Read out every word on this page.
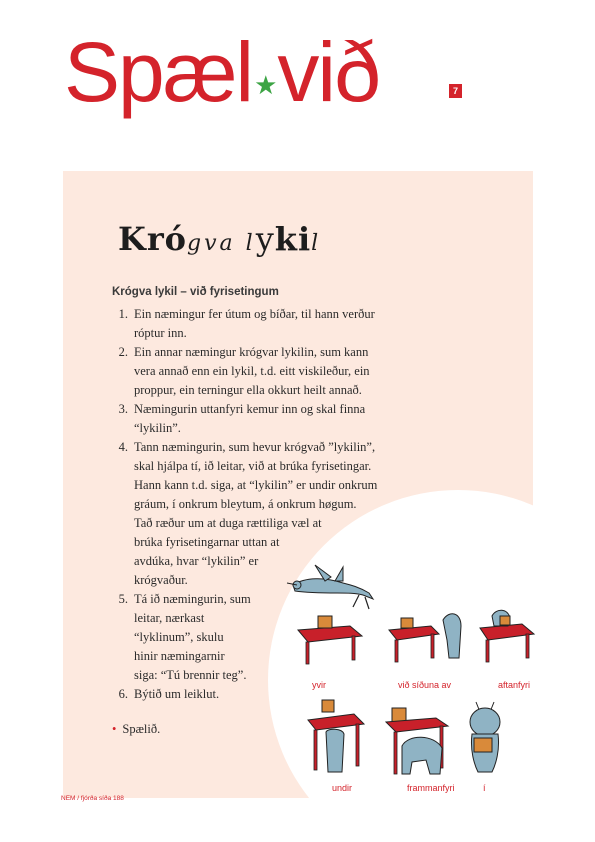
Spæl★við	7
Krógva lykil
Krógva lykil – við fyrisetingum
1. Ein næmingur fer útum og bíðar, til hann verður
róptur inn.
2. Ein annar næmingur krógvar lykilin, sum kann
vera annað enn ein lykil, t.d. eitt viskileður, ein
proppur, ein terningur ella okkurt heilt annað.
3. Næmingurin uttanfyri kemur inn og skal finna
“lykilin”.
4. Tann næmingurin, sum hevur krógvað ”lykilin”,
skal hjálpa tí, ið leitar, við at brúka fyrisetingar.
Hann kann t.d. siga, at “lykilin” er undir onkrum
gráum, í onkrum bleytum, á onkrum høgum.
Tað ræður um at duga rættiliga væl at
brúka fyrisetingarnar uttan at
avdúka, hvar “lykilin” er
krógvaður.
5. Tá ið næmingurin, sum
leitar, nærkast
“lyklinum”, skulu
hinir næmingarnir
siga: “Tú brennir teg”.
6. Býtið um leiklut.
• Spælið.
yvir	við síðuna av	aftanfyri
undir	frammanfyri	í
NEM / fjórða síða 188
